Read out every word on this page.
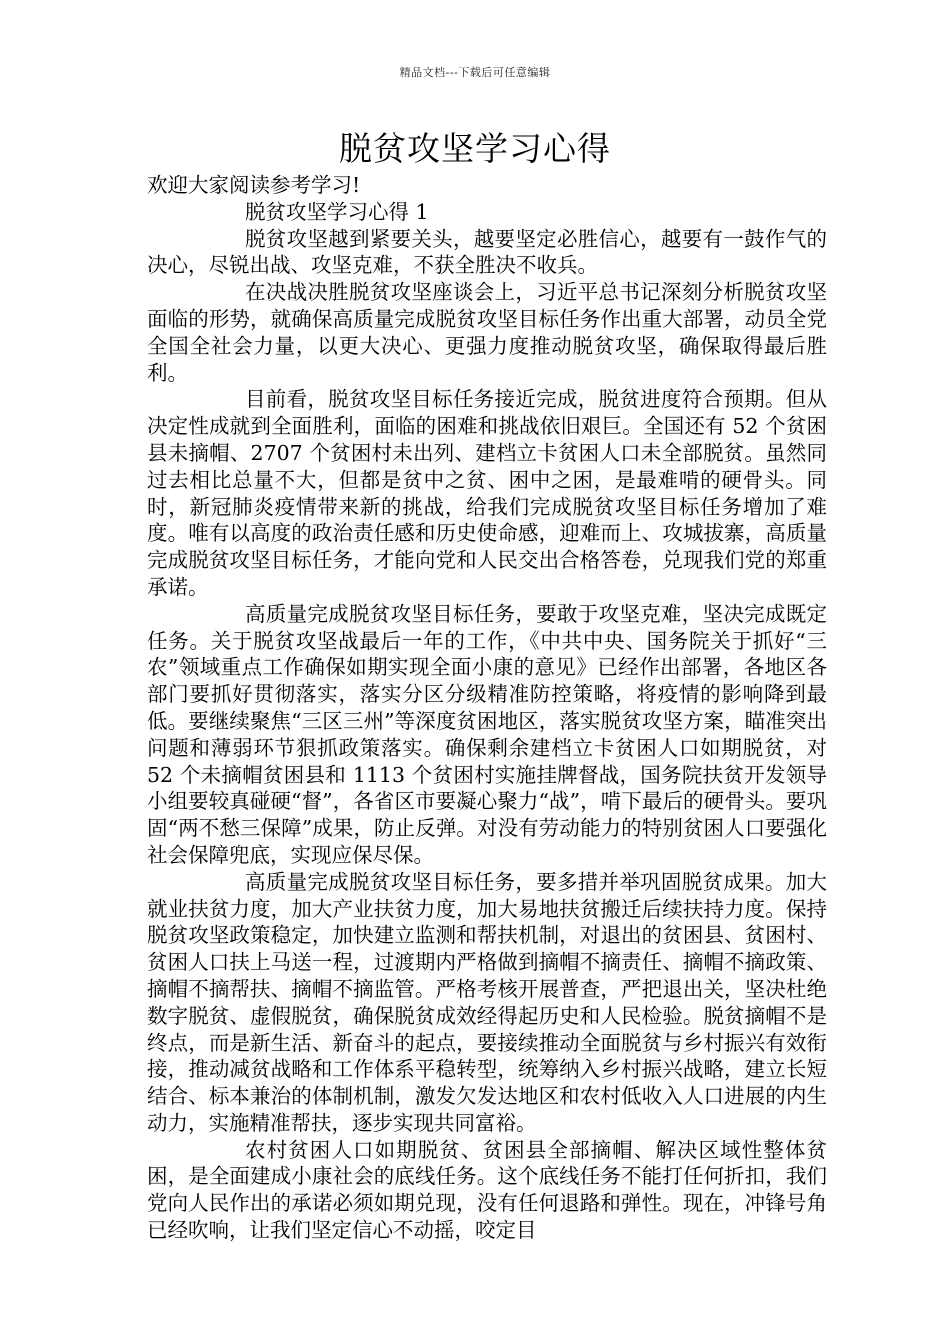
精品文档---下载后可任意编辑
脱贫攻坚学习心得

欢迎大家阅读参考学习!

脱贫攻坚学习心得 1

脱贫攻坚越到紧要关头，越要坚定必胜信心，越要有一鼓作气的决心，尽锐出战、攻坚克难，不获全胜决不收兵。

在决战决胜脱贫攻坚座谈会上，习近平总书记深刻分析脱贫攻坚面临的形势，就确保高质量完成脱贫攻坚目标任务作出重大部署，动员全党全国全社会力量，以更大决心、更强力度推动脱贫攻坚，确保取得最后胜利。

目前看，脱贫攻坚目标任务接近完成，脱贫进度符合预期。但从决定性成就到全面胜利，面临的困难和挑战依旧艰巨。全国还有 52 个贫困县未摘帽、2707 个贫困村未出列、建档立卡贫困人口未全部脱贫。虽然同过去相比总量不大，但都是贫中之贫、困中之困，是最难啃的硬骨头。同时，新冠肺炎疫情带来新的挑战，给我们完成脱贫攻坚目标任务增加了难度。唯有以高度的政治责任感和历史使命感，迎难而上、攻城拔寨，高质量完成脱贫攻坚目标任务，才能向党和人民交出合格答卷，兑现我们党的郑重承诺。

高质量完成脱贫攻坚目标任务，要敢于攻坚克难，坚决完成既定任务。关于脱贫攻坚战最后一年的工作，《中共中央、国务院关于抓好“三农”领域重点工作确保如期实现全面小康的意见》已经作出部署，各地区各部门要抓好贯彻落实，落实分区分级精准防控策略，将疫情的影响降到最低。要继续聚焦“三区三州”等深度贫困地区，落实脱贫攻坚方案，瞄准突出问题和薄弱环节狠抓政策落实。确保剩余建档立卡贫困人口如期脱贫，对 52 个未摘帽贫困县和 1113 个贫困村实施挂牌督战，国务院扶贫开发领导小组要较真碰硬“督”，各省区市要凝心聚力“战”，啃下最后的硬骨头。要巩固“两不愁三保障”成果，防止反弹。对没有劳动能力的特别贫困人口要强化社会保障兜底，实现应保尽保。

高质量完成脱贫攻坚目标任务，要多措并举巩固脱贫成果。加大就业扶贫力度，加大产业扶贫力度，加大易地扶贫搬迁后续扶持力度。保持脱贫攻坚政策稳定，加快建立监测和帮扶机制，对退出的贫困县、贫困村、贫困人口扶上马送一程，过渡期内严格做到摘帽不摘责任、摘帽不摘政策、摘帽不摘帮扶、摘帽不摘监管。严格考核开展普查，严把退出关，坚决杜绝数字脱贫、虚假脱贫，确保脱贫成效经得起历史和人民检验。脱贫摘帽不是终点，而是新生活、新奋斗的起点，要接续推动全面脱贫与乡村振兴有效衔接，推动减贫战略和工作体系平稳转型，统筹纳入乡村振兴战略，建立长短结合、标本兼治的体制机制，激发欠发达地区和农村低收入人口进展的内生动力，实施精准帮扶，逐步实现共同富裕。

农村贫困人口如期脱贫、贫困县全部摘帽、解决区域性整体贫困，是全面建成小康社会的底线任务。这个底线任务不能打任何折扣，我们党向人民作出的承诺必须如期兑现，没有任何退路和弹性。现在，冲锋号角已经吹响，让我们坚定信心不动摇，咬定目
